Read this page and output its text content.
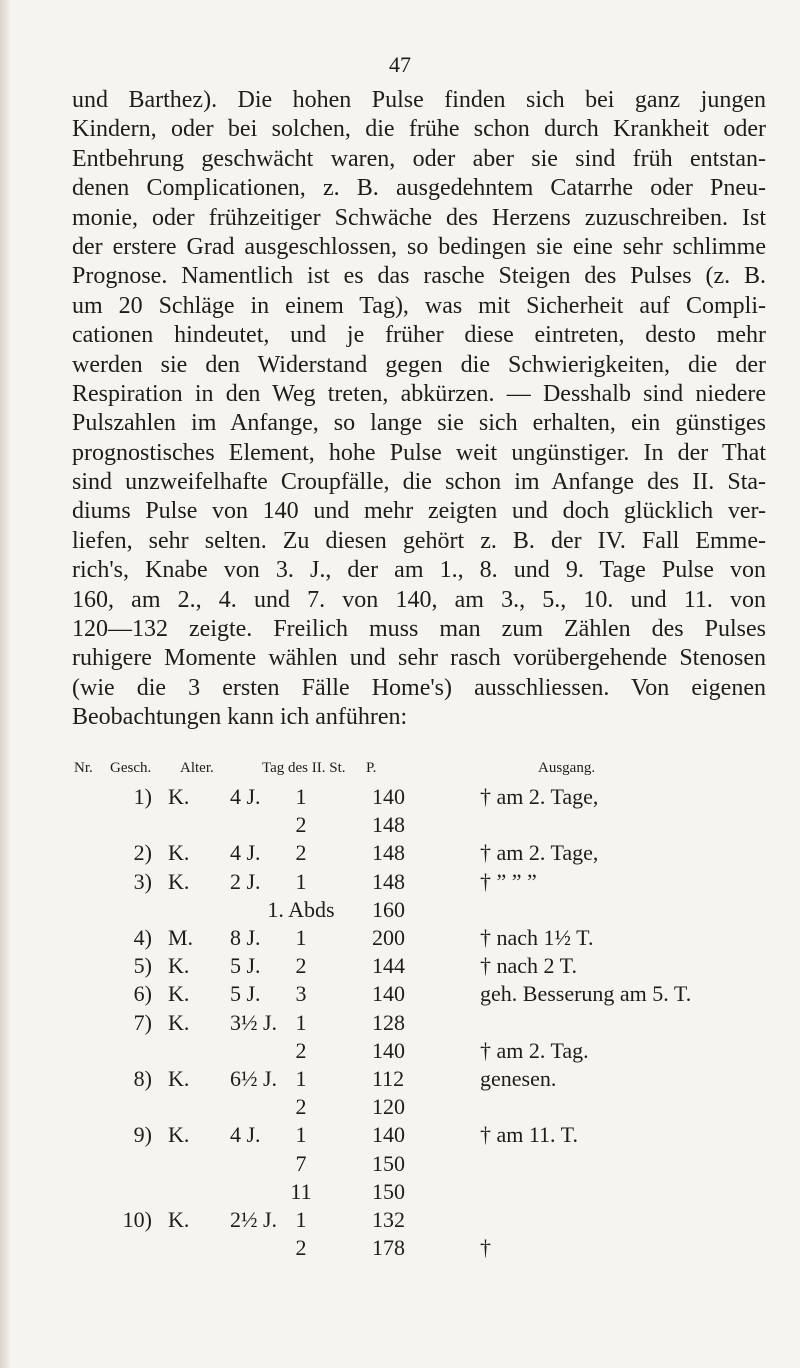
47
und Barthez). Die hohen Pulse finden sich bei ganz jungen
Kindern, oder bei solchen, die frühe schon durch Krankheit oder
Entbehrung geschwächt waren, oder aber sie sind früh entstan-
denen Complicationen, z. B. ausgedehntem Catarrhe oder Pneu-
monie, oder frühzeitiger Schwäche des Herzens zuzuschreiben. Ist
der erstere Grad ausgeschlossen, so bedingen sie eine sehr schlimme
Prognose. Namentlich ist es das rasche Steigen des Pulses (z. B.
um 20 Schläge in einem Tag), was mit Sicherheit auf Compli-
cationen hindeutet, und je früher diese eintreten, desto mehr
werden sie den Widerstand gegen die Schwierigkeiten, die der
Respiration in den Weg treten, abkürzen. — Desshalb sind niedere
Pulszahlen im Anfange, so lange sie sich erhalten, ein günstiges
prognostisches Element, hohe Pulse weit ungünstiger. In der That
sind unzweifelhafte Croupfälle, die schon im Anfange des II. Sta-
diums Pulse von 140 und mehr zeigten und doch glücklich ver-
liefen, sehr selten. Zu diesen gehört z. B. der IV. Fall Emme-
rich's, Knabe von 3. J., der am 1., 8. und 9. Tage Pulse von
160, am 2., 4. und 7. von 140, am 3., 5., 10. und 11. von
120—132 zeigte. Freilich muss man zum Zählen des Pulses
ruhigere Momente wählen und sehr rasch vorübergehende Stenosen
(wie die 3 ersten Fälle Home's) ausschliessen. Von eigenen
Beobachtungen kann ich anführen:
Nr.	Gesch.	Alter.	Tag des II. St.	P.	Ausgang.
1) K.	4 J.	1	140	† am 2. Tage,
2	148
2) K.	4 J.	2	148	† am 2. Tage,
3) K.	2 J.	1	148	† ” ” ”
1. Abds	160
4) M.	8 J.	1	200	† nach 1½ T.
5) K.	5 J.	2	144	† nach 2 T.
6) K.	5 J.	3	140	geh. Besserung am 5. T.
7) K.	3½ J. 1	128
2	140	† am 2. Tag.
8) K.	6½ J. 1	112	genesen.
2	120
9) K.	4 J.	1	140	† am 11. T.
7	150
11	150
10) K.	2½ J. 1	132
2	178	†
